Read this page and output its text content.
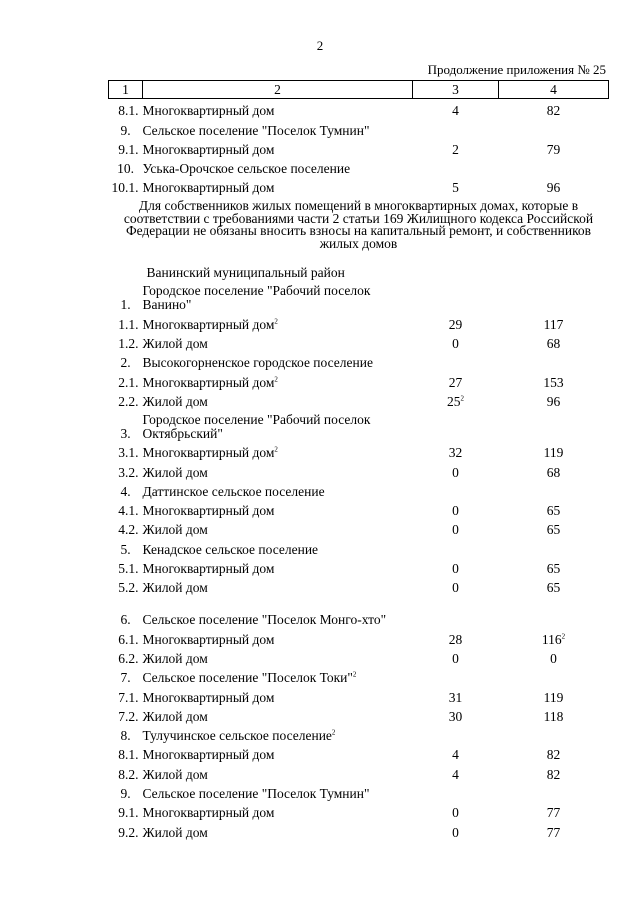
2
Продолжение приложения № 25
1	2	3	4
8.1.	Многоквартирный дом	4	82
9.	Сельское поселение "Поселок Тумнин"		
9.1.	Многоквартирный дом	2	79
10.	Уська-Орочское сельское поселение		
10.1.	Многоквартирный дом	5	96
Для собственников жилых помещений в многоквартирных домах, которые в соответствии с требованиями части 2 статьи 169 Жилищного кодекса Российской Федерации не обязаны вносить взносы на капитальный ремонт, и собственников жилых домов			
	Ванинский муниципальный район		
1.	Городское поселение "Рабочий поселок Ванино"		
1.1.	Многоквартирный дом$^2$	29	117
1.2.	Жилой дом	0	68
2.	Высокогорненское городское поселение		
2.1.	Многоквартирный дом$^2$	27	153
2.2.	Жилой дом	$25^2$	96
3.	Городское поселение "Рабочий поселок Октябрьский"		
3.1.	Многоквартирный дом$^2$	32	119
3.2.	Жилой дом	0	68
4.	Даттинское сельское поселение		
4.1.	Многоквартирный дом	0	65
4.2.	Жилой дом	0	65
5.	Кенадское сельское поселение		
5.1.	Многоквартирный дом	0	65
5.2.	Жилой дом	0	65
6.	Сельское поселение "Поселок Монго-хто"		
6.1.	Многоквартирный дом	28	$116^2$
6.2.	Жилой дом	0	0
7.	Сельское поселение "Поселок Токи"$^2$		
7.1.	Многоквартирный дом	31	119
7.2.	Жилой дом	30	118
8.	Тулучинское сельское поселение$^2$		
8.1.	Многоквартирный дом	4	82
8.2.	Жилой дом	4	82
9.	Сельское поселение "Поселок Тумнин"		
9.1.	Многоквартирный дом	0	77
9.2.	Жилой дом	0	77
